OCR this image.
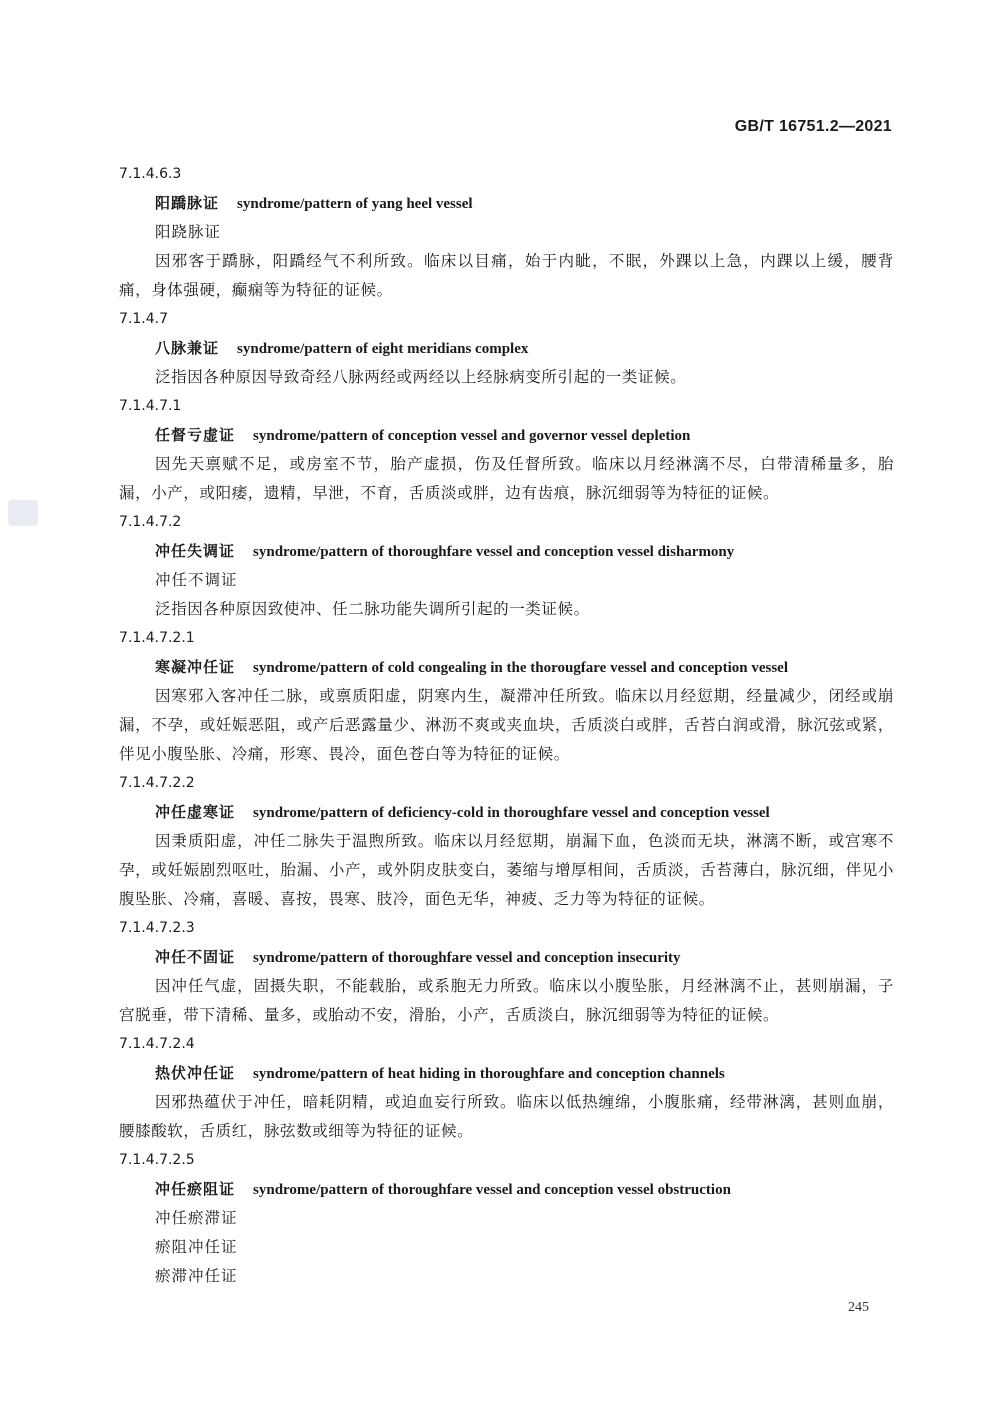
GB/T 16751.2—2021
7.1.4.6.3
阳蹻脉证 syndrome/pattern of yang heel vessel
阳跷脉证
因邪客于蹻脉，阳蹻经气不利所致。临床以目痛，始于内眦，不眠，外踝以上急，内踝以上缓，腰背痛，身体强硬，癫痫等为特征的证候。
7.1.4.7
八脉兼证 syndrome/pattern of eight meridians complex
泛指因各种原因导致奇经八脉两经或两经以上经脉病变所引起的一类证候。
7.1.4.7.1
任督亏虚证 syndrome/pattern of conception vessel and governor vessel depletion
因先天禀赋不足，或房室不节，胎产虚损，伤及任督所致。临床以月经淋漓不尽，白带清稀量多，胎漏，小产，或阳痿，遗精，早泄，不育，舌质淡或胖，边有齿痕，脉沉细弱等为特征的证候。
7.1.4.7.2
冲任失调证 syndrome/pattern of thoroughfare vessel and conception vessel disharmony
冲任不调证
泛指因各种原因致使冲、任二脉功能失调所引起的一类证候。
7.1.4.7.2.1
寒凝冲任证 syndrome/pattern of cold congealing in the thorougfare vessel and conception vessel
因寒邪入客冲任二脉，或禀质阳虚，阴寒内生，凝滞冲任所致。临床以月经愆期，经量减少，闭经或崩漏，不孕，或妊娠恶阻，或产后恶露量少、淋沥不爽或夹血块，舌质淡白或胖，舌苔白润或滑，脉沉弦或紧，伴见小腹坠胀、冷痛，形寒、畏冷，面色苍白等为特征的证候。
7.1.4.7.2.2
冲任虚寒证 syndrome/pattern of deficiency-cold in thoroughfare vessel and conception vessel
因秉质阳虚，冲任二脉失于温煦所致。临床以月经愆期，崩漏下血，色淡而无块，淋漓不断，或宫寒不孕，或妊娠剧烈呕吐，胎漏、小产，或外阴皮肤变白，萎缩与增厚相间，舌质淡，舌苔薄白，脉沉细，伴见小腹坠胀、冷痛，喜暖、喜按，畏寒、肢冷，面色无华，神疲、乏力等为特征的证候。
7.1.4.7.2.3
冲任不固证 syndrome/pattern of thoroughfare vessel and conception insecurity
因冲任气虚，固摄失职，不能载胎，或系胞无力所致。临床以小腹坠胀，月经淋漓不止，甚则崩漏，子宫脱垂，带下清稀、量多，或胎动不安，滑胎，小产，舌质淡白，脉沉细弱等为特征的证候。
7.1.4.7.2.4
热伏冲任证 syndrome/pattern of heat hiding in thoroughfare and conception channels
因邪热蕴伏于冲任，暗耗阴精，或迫血妄行所致。临床以低热缠绵，小腹胀痛，经带淋漓，甚则血崩，腰膝酸软，舌质红，脉弦数或细等为特征的证候。
7.1.4.7.2.5
冲任瘀阻证 syndrome/pattern of thoroughfare vessel and conception vessel obstruction
冲任瘀滞证
瘀阻冲任证
瘀滞冲任证
245
